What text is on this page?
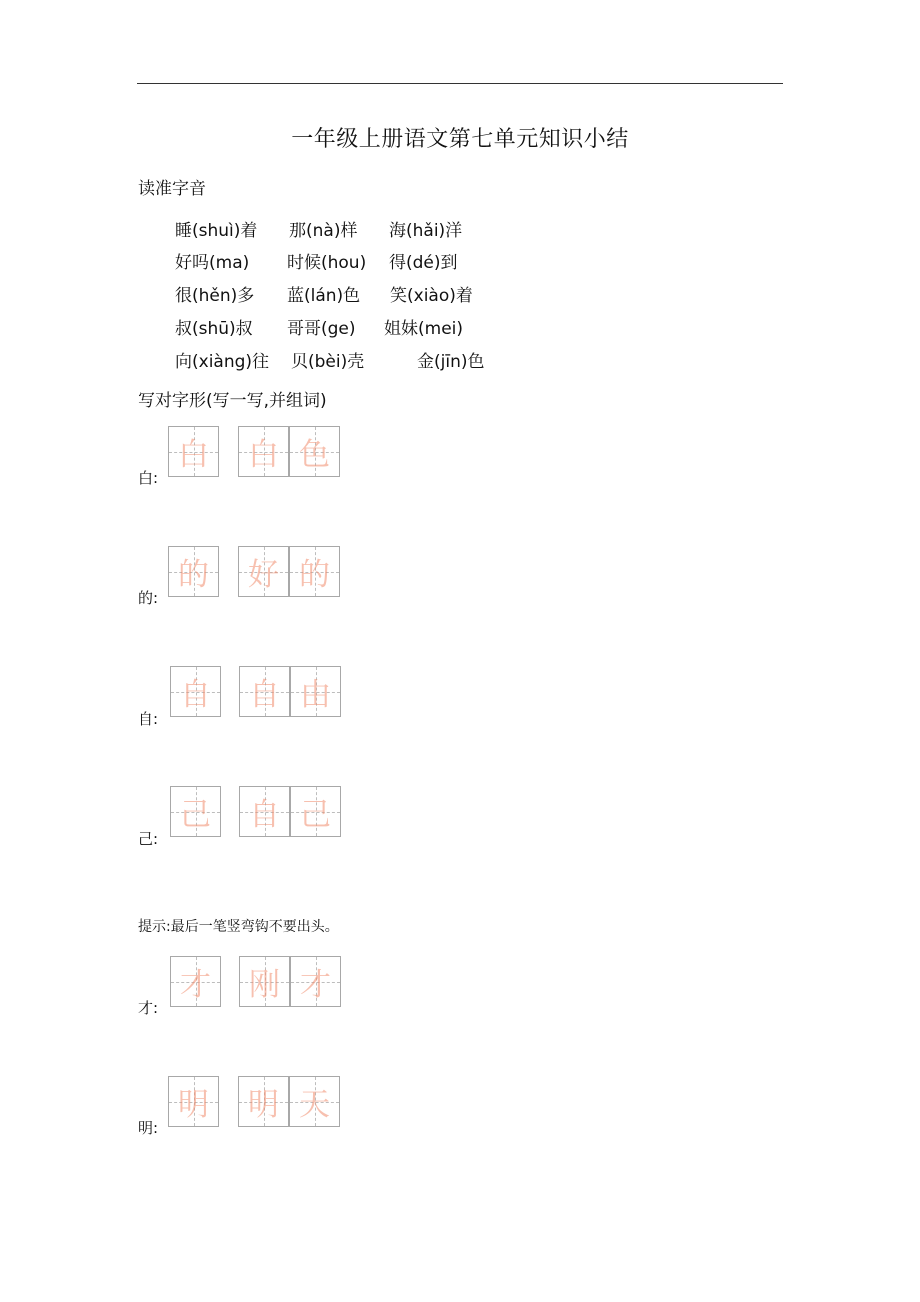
一年级上册语文第七单元知识小结
读准字音
睡(shuì)着 那(nà)样 海(hǎi)洋
好吗(ma) 时候(hou) 得(dé)到
很(hěn)多 蓝(lán)色 笑(xiào)着
叔(shū)叔 哥哥(ge) 姐妹(mei)
向(xiàng)往 贝(bèi)壳	金(jīn)色
写对字形(写一写,并组词)
白:
白 白 色
的:
的 好 的
自:
自 自 由
己:
己 自 己
提示:最后一笔竖弯钩不要出头。
才:
才 刚 才
明:
明 明 天
